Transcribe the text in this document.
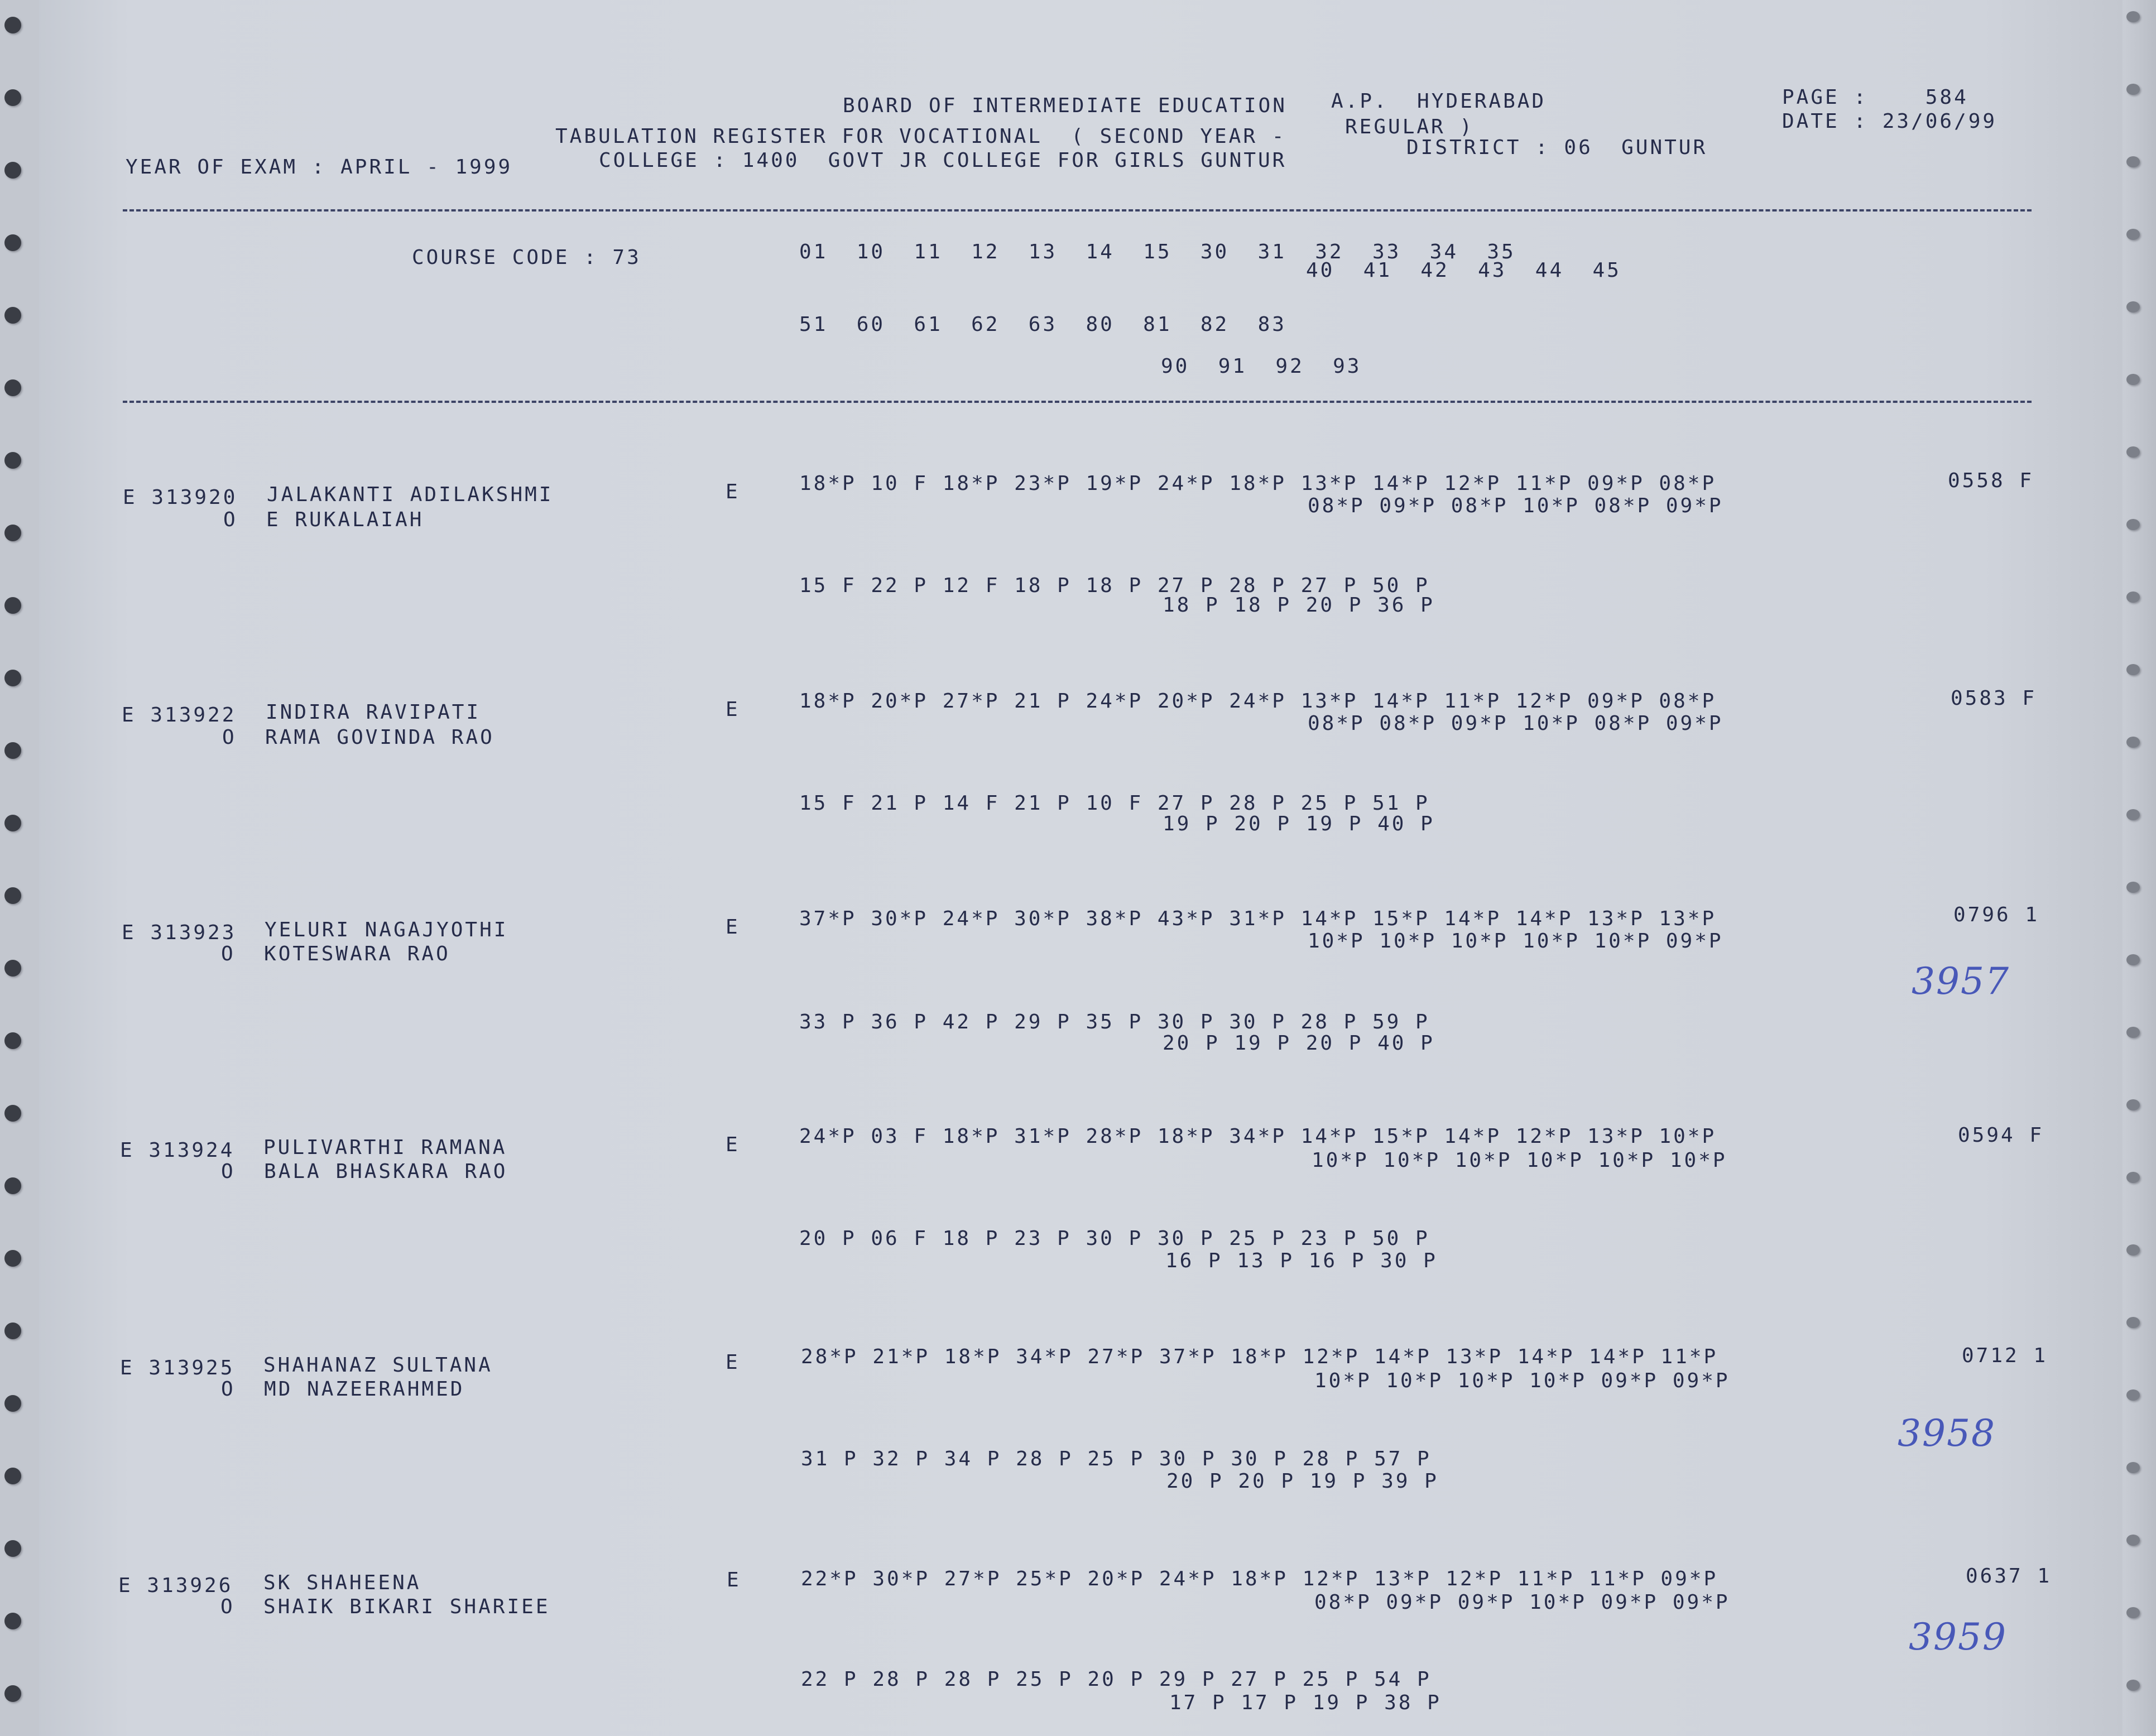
BOARD OF INTERMEDIATE EDUCATION A.P.  HYDERABAD
TABULATION REGISTER FOR VOCATIONAL  ( SECOND YEAR -	REGULAR )
YEAR OF EXAM : APRIL - 1999	COLLEGE : 1400  GOVT JR COLLEGE FOR GIRLS GUNTUR
DISTRICT : 06  GUNTUR
PAGE :    584
DATE : 23/06/99
COURSE CODE : 73	01  10  11  12  13  14  15  30  31  32  33  34  35
40  41  42  43  44  45
51  60  61  62  63  80  81  82  83
90  91  92  93
E 313920 JALAKANTI ADILAKSHMI
O  E RUKALAIAH
E	18*P 10 F 18*P 23*P 19*P 24*P 18*P 13*P 14*P 12*P 11*P 09*P 08*P
08*P 09*P 08*P 10*P 08*P 09*P
15 F 22 P 12 F 18 P 18 P 27 P 28 P 27 P 50 P
18 P 18 P 20 P 36 P
0558 F
E 313922 INDIRA RAVIPATI
O  RAMA GOVINDA RAO
E	18*P 20*P 27*P 21 P 24*P 20*P 24*P 13*P 14*P 11*P 12*P 09*P 08*P
08*P 08*P 09*P 10*P 08*P 09*P
15 F 21 P 14 F 21 P 10 F 27 P 28 P 25 P 51 P
19 P 20 P 19 P 40 P
0583 F
E 313923 YELURI NAGAJYOTHI
O  KOTESWARA RAO
E	37*P 30*P 24*P 30*P 38*P 43*P 31*P 14*P 15*P 14*P 14*P 13*P 13*P
10*P 10*P 10*P 10*P 10*P 09*P
33 P 36 P 42 P 29 P 35 P 30 P 30 P 28 P 59 P
20 P 19 P 20 P 40 P
0796 1
3957
E 313924 PULIVARTHI RAMANA
O  BALA BHASKARA RAO
E	24*P 03 F 18*P 31*P 28*P 18*P 34*P 14*P 15*P 14*P 12*P 13*P 10*P
10*P 10*P 10*P 10*P 10*P 10*P
20 P 06 F 18 P 23 P 30 P 30 P 25 P 23 P 50 P
16 P 13 P 16 P 30 P
0594 F
E 313925 SHAHANAZ SULTANA
O  MD NAZEERAHMED
E	28*P 21*P 18*P 34*P 27*P 37*P 18*P 12*P 14*P 13*P 14*P 14*P 11*P
10*P 10*P 10*P 10*P 09*P 09*P
31 P 32 P 34 P 28 P 25 P 30 P 30 P 28 P 57 P
20 P 20 P 19 P 39 P
0712 1
3958
E 313926 SK SHAHEENA
O  SHAIK BIKARI SHARIEE
E	22*P 30*P 27*P 25*P 20*P 24*P 18*P 12*P 13*P 12*P 11*P 11*P 09*P
08*P 09*P 09*P 10*P 09*P 09*P
22 P 28 P 28 P 25 P 20 P 29 P 27 P 25 P 54 P
17 P 17 P 19 P 38 P
0637 1
3959
